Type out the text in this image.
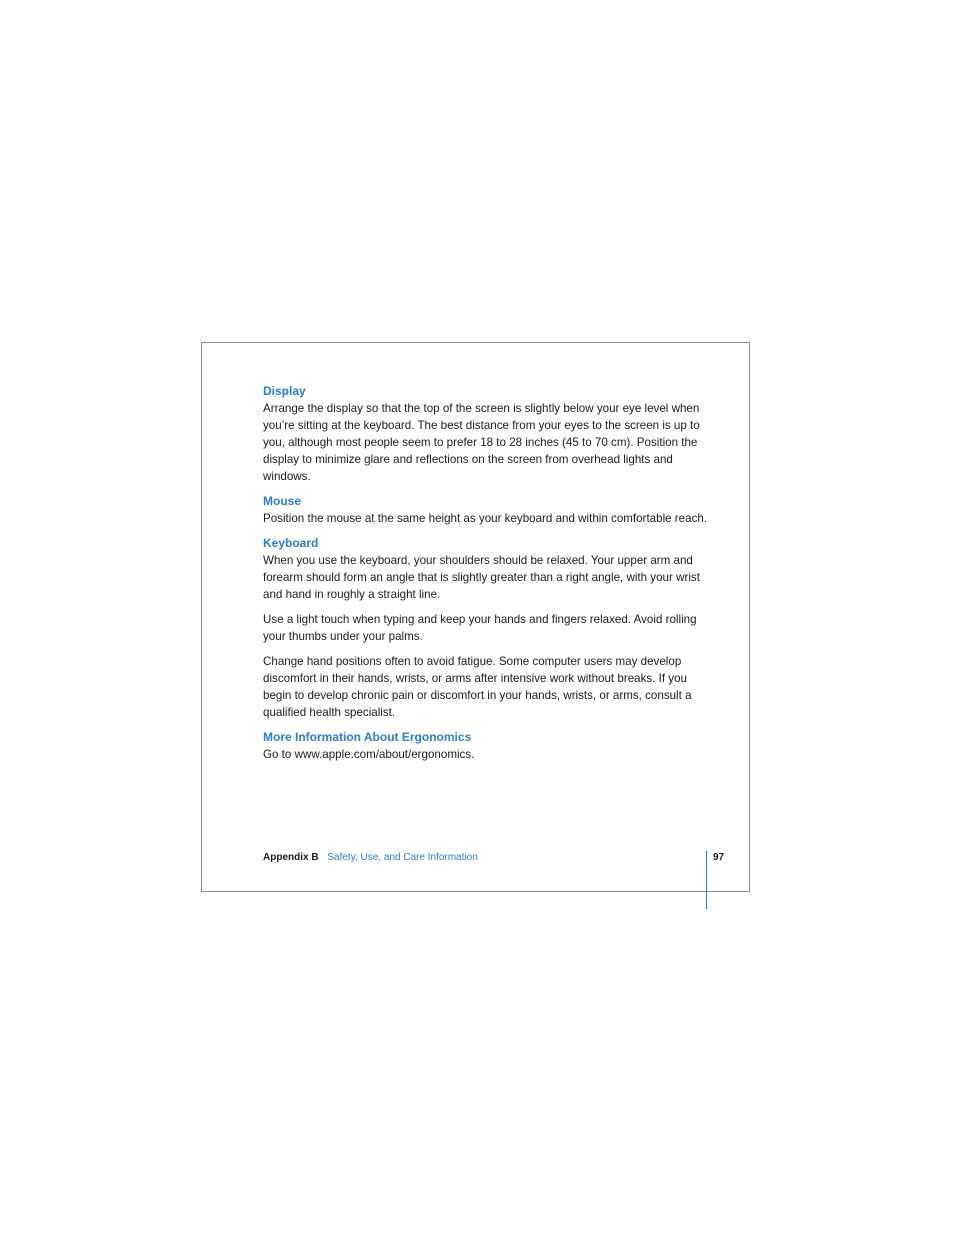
Display

Arrange the display so that the top of the screen is slightly below your eye level when you’re sitting at the keyboard. The best distance from your eyes to the screen is up to you, although most people seem to prefer 18 to 28 inches (45 to 70 cm). Position the display to minimize glare and reflections on the screen from overhead lights and windows.

Mouse

Position the mouse at the same height as your keyboard and within comfortable reach.

Keyboard

When you use the keyboard, your shoulders should be relaxed. Your upper arm and forearm should form an angle that is slightly greater than a right angle, with your wrist and hand in roughly a straight line.

Use a light touch when typing and keep your hands and fingers relaxed. Avoid rolling your thumbs under your palms.

Change hand positions often to avoid fatigue. Some computer users may develop discomfort in their hands, wrists, or arms after intensive work without breaks. If you begin to develop chronic pain or discomfort in your hands, wrists, or arms, consult a qualified health specialist.

More Information About Ergonomics

Go to www.apple.com/about/ergonomics.

Appendix B Safety, Use, and Care Information	97
